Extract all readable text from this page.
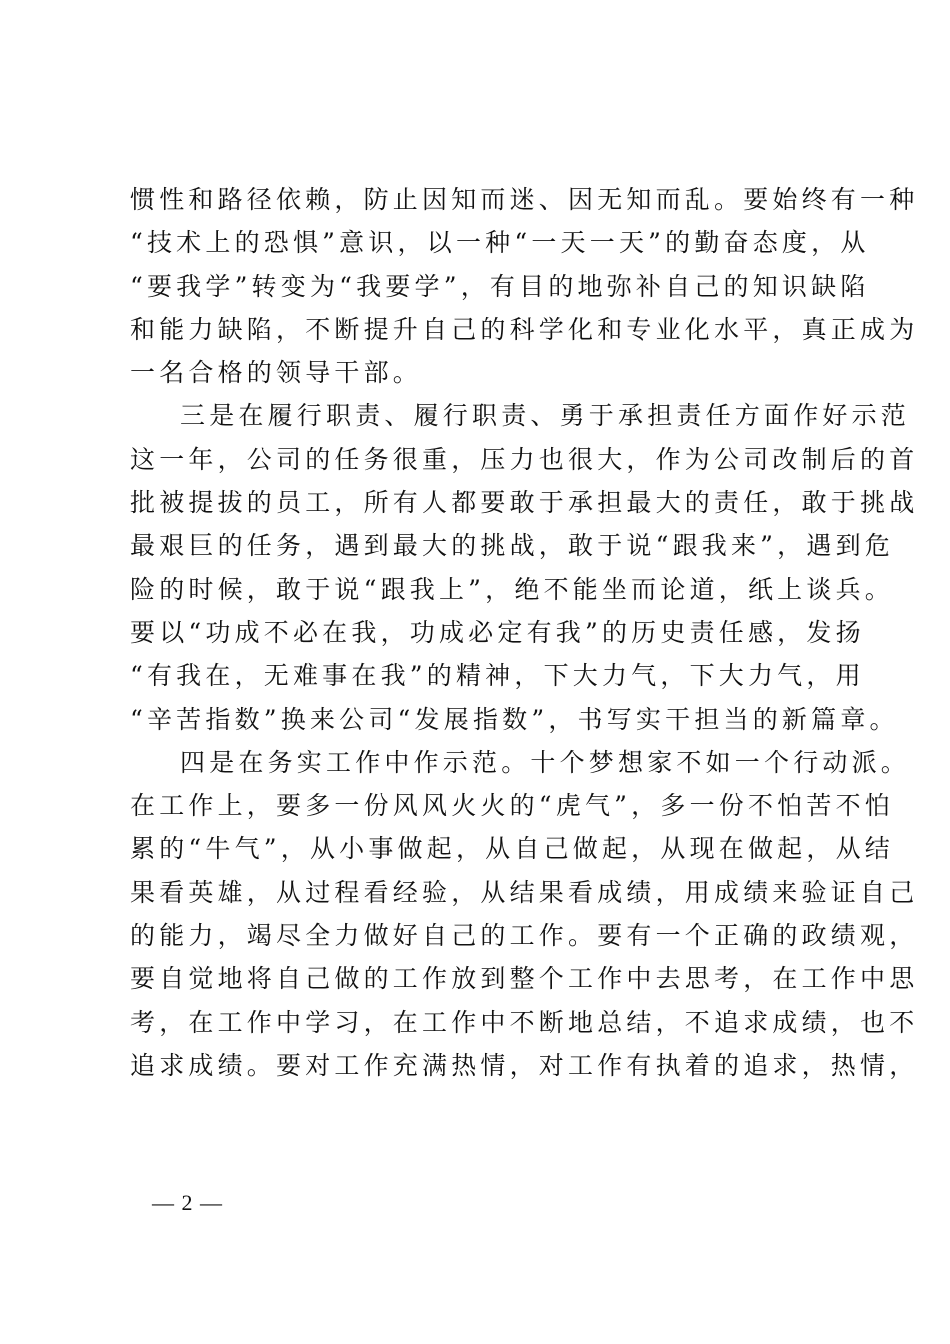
惯性和路径依赖，防止因知而迷、因无知而乱。要始终有一种
“技术上的恐惧”意识，以一种“一天一天”的勤奋态度，从
“要我学”转变为“我要学”，有目的地弥补自己的知识缺陷
和能力缺陷，不断提升自己的科学化和专业化水平，真正成为
一名合格的领导干部。
三是在履行职责、履行职责、勇于承担责任方面作好示范
这一年，公司的任务很重，压力也很大，作为公司改制后的首
批被提拔的员工，所有人都要敢于承担最大的责任，敢于挑战
最艰巨的任务，遇到最大的挑战，敢于说“跟我来”，遇到危
险的时候，敢于说“跟我上”，绝不能坐而论道，纸上谈兵。
要以“功成不必在我，功成必定有我”的历史责任感，发扬
“有我在，无难事在我”的精神，下大力气，下大力气，用
“辛苦指数”换来公司“发展指数”，书写实干担当的新篇章。
四是在务实工作中作示范。十个梦想家不如一个行动派。
在工作上，要多一份风风火火的“虎气”，多一份不怕苦不怕
累的“牛气”，从小事做起，从自己做起，从现在做起，从结
果看英雄，从过程看经验，从结果看成绩，用成绩来验证自己
的能力，竭尽全力做好自己的工作。要有一个正确的政绩观，
要自觉地将自己做的工作放到整个工作中去思考，在工作中思
考，在工作中学习，在工作中不断地总结，不追求成绩，也不
追求成绩。要对工作充满热情，对工作有执着的追求，热情，
— 2 —
